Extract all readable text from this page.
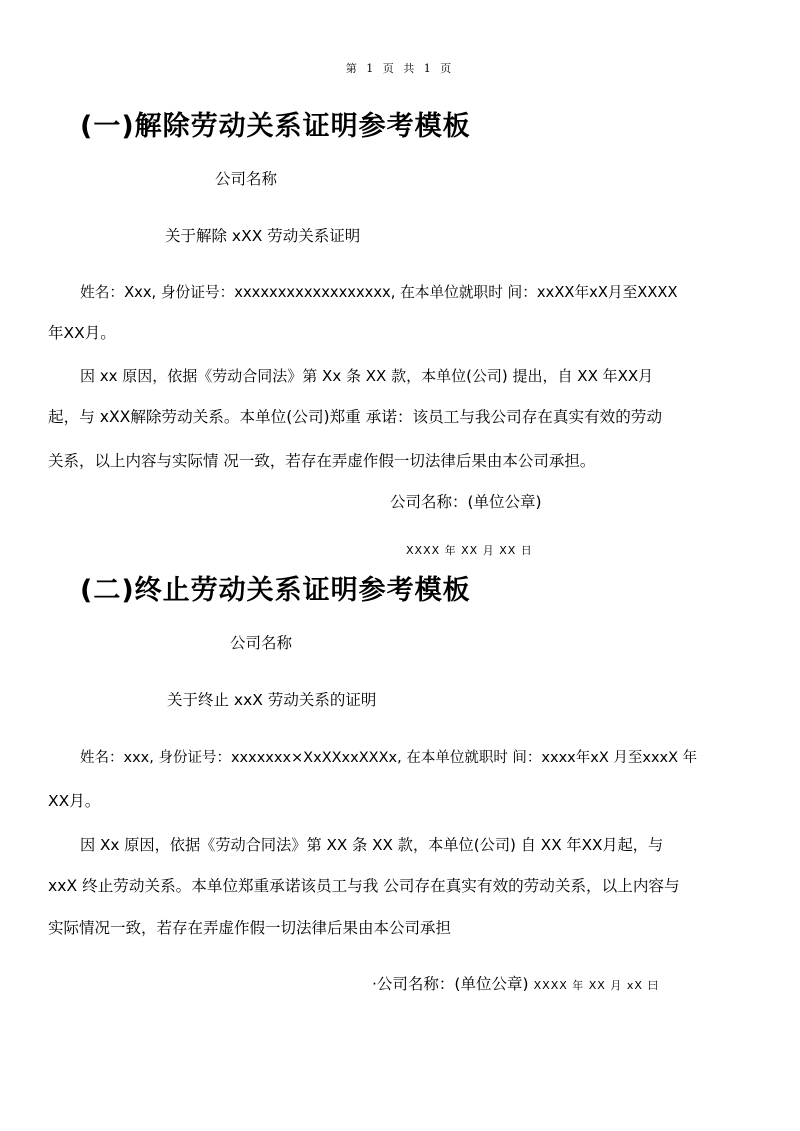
第 1 页 共 1 页
(一)解除劳动关系证明参考模板
公司名称
关于解除 xXX 劳动关系证明
姓名：Xxx, 身份证号：xxxxxxxxxxxxxxxxxx, 在本单位就职时 间：xxXX年xX月至XXXX
年XX月。
因 xx 原因，依据《劳动合同法》第 Xx 条 XX 款，本单位(公司) 提出，自 XX 年XX月
起，与 xXX解除劳动关系。本单位(公司)郑重 承诺：该员工与我公司存在真实有效的劳动
关系，以上内容与实际情 况一致，若存在弄虚作假一切法律后果由本公司承担。
公司名称：(单位公章)
XXXX 年 XX 月 XX 日
(二)终止劳动关系证明参考模板
公司名称
关于终止 xxX 劳动关系的证明
姓名：xxx, 身份证号：xxxxxxx×XxXXxxXXXx, 在本单位就职时 间：xxxx年xX 月至xxxX 年
XX月。
因 Xx 原因，依据《劳动合同法》第 XX 条 XX 款，本单位(公司) 自 XX 年XX月起，与
xxX 终止劳动关系。本单位郑重承诺该员工与我 公司存在真实有效的劳动关系，以上内容与
实际情况一致，若存在弄虚作假一切法律后果由本公司承担
·公司名称：(单位公章) XXXX 年 XX 月 xX 曰
